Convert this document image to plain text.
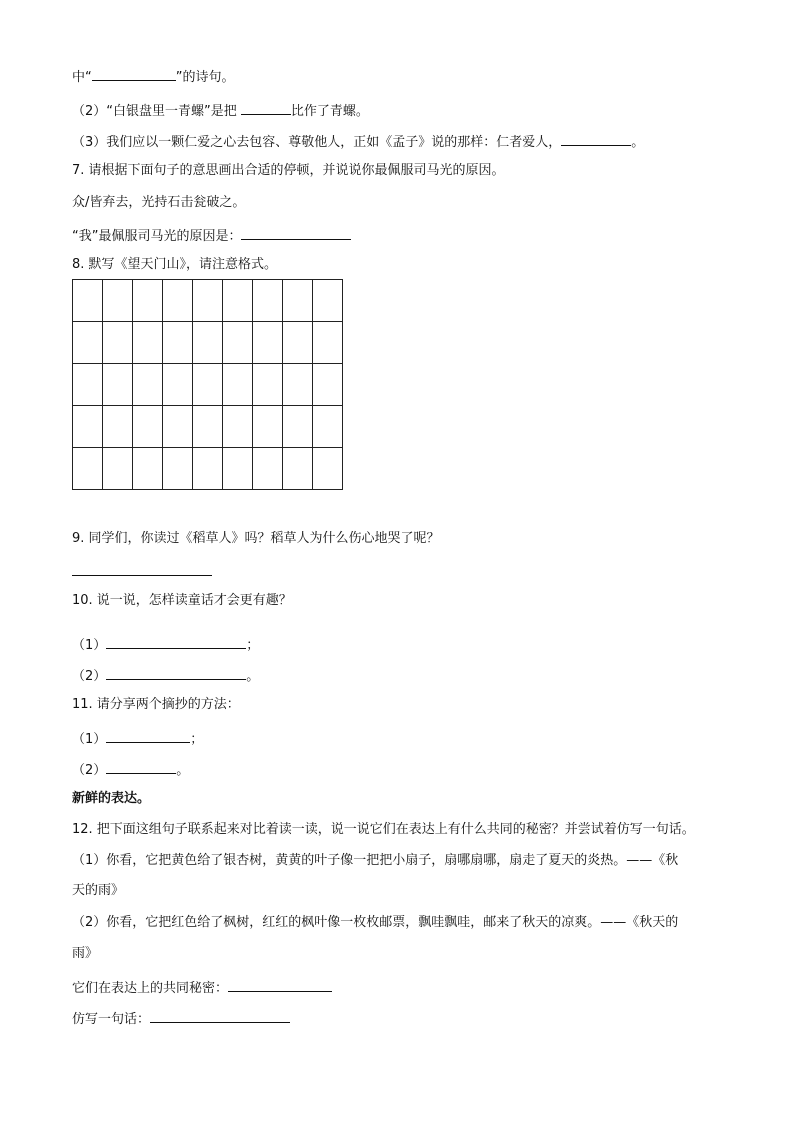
中“	”的诗句。
（2）“白银盘里一青螺”是把	比作了青螺。
（3）我们应以一颗仁爱之心去包容、尊敬他人，正如《孟子》说的那样：仁者爱人，	。
7. 请根据下面句子的意思画出合适的停顿，并说说你最佩服司马光的原因。
众/皆弃去，光持石击瓮破之。
“我”最佩服司马光的原因是：
8. 默写《望天门山》，请注意格式。

9. 同学们，你读过《稻草人》吗？稻草人为什么伤心地哭了呢？
10. 说一说，怎样读童话才会更有趣？
（1）	；
（2）	。
11. 请分享两个摘抄的方法：
（1）	；
（2）	。
新鲜的表达。
12. 把下面这组句子联系起来对比着读一读，说一说它们在表达上有什么共同的秘密？并尝试着仿写一句话。
（1）你看，它把黄色给了银杏树，黄黄的叶子像一把把小扇子，扇哪扇哪，扇走了夏天的炎热。——《秋
天的雨》
（2）你看，它把红色给了枫树，红红的枫叶像一枚枚邮票，飘哇飘哇，邮来了秋天的凉爽。——《秋天的
雨》
它们在表达上的共同秘密：
仿写一句话：
